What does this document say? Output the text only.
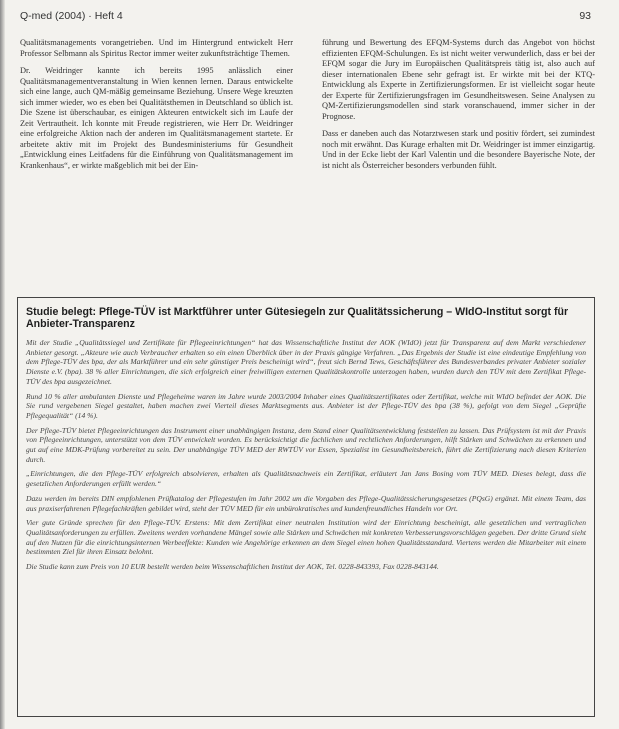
Q-med (2004) · Heft 4	93

Qualitätsmanagements vorangetrieben. Und im Hintergrund entwickelt Herr Professor Selbmann als Spiritus Rector immer weiter zukunftsträchtige Themen.

Dr. Weidringer kannte ich bereits 1995 anlässlich einer Qualitätsmanagementveranstaltung in Wien kennen lernen. Daraus entwickelte sich eine lange, auch QM-mäßig gemeinsame Beziehung. Unsere Wege kreuzten sich immer wieder, wo es eben bei Qualitätsthemen in Deutschland so üblich ist. Die Szene ist überschaubar, es einigen Akteuren entwickelt sich im Laufe der Zeit Vertrautheit. Ich konnte mit Freude registrieren, wie Herr Dr. Weidringer eine erfolgreiche Aktion nach der anderen im Qualitätsmanagement startete. Er arbeitete aktiv mit im Projekt des Bundesministeriums für Gesundheit „Entwicklung eines Leitfadens für die Einführung von Qualitätsmanagement im Krankenhaus“, er wirkte maßgeblich mit bei der Ein-

führung und Bewertung des EFQM-Systems durch das Angebot von höchst effizienten EFQM-Schulungen. Es ist nicht weiter verwunderlich, dass er bei der EFQM sogar die Jury im Europäischen Qualitätspreis tätig ist, also auch auf dieser internationalen Ebene sehr gefragt ist. Er wirkte mit bei der KTQ-Entwicklung als Experte in Zertifizierungsformen. Er ist vielleicht sogar heute der Experte für Zertifizierungsfragen im Gesundheitswesen. Seine Analysen zu QM-Zertifizierungsmodellen sind stark voranschauend, immer sicher in der Prognose.

Dass er daneben auch das Notarztwesen stark und positiv fördert, sei zumindest noch mit erwähnt. Das Kurage erhalten mit Dr. Weidringer ist immer einzigartig. Und in der Ecke liebt der Karl Valentin und die besondere Bayerische Note, der ist nicht als Österreicher besonders verbunden fühlt.

Studie belegt: Pflege-TÜV ist Marktführer unter Gütesiegeln zur Qualitätssicherung – WIdO-Institut sorgt für Anbieter-Transparenz

Mit der Studie „Qualitätssiegel und Zertifikate für Pflegeeinrichtungen“ hat das Wissenschaftliche Institut der AOK (WIdO) jetzt für Transparenz auf dem Markt verschiedener Anbieter gesorgt. „Akteure wie auch Verbraucher erhalten so ein einen Überblick über in der Praxis gängige Verfahren. „Das Ergebnis der Studie ist eine eindeutige Empfehlung von dem Pflege-TÜV des bpa, der als Marktführer und ein sehr günstiger Preis bescheinigt wird“, freut sich Bernd Tews, Geschäftsführer des Bundesverbandes privater Anbieter sozialer Dienste e.V. (bpa). 38 % aller Einrichtungen, die sich erfolgreich einer freiwilligen externen Qualitätskontrolle unterzogen haben, wurden durch den TÜV mit dem Zertifikat Pflege-TÜV des bpa ausgezeichnet.

Rund 10 % aller ambulanten Dienste und Pflegeheime waren im Jahre wurde 2003/2004 Inhaber eines Qualitätszertifikates oder Zertifikat, welche mit WIdO befindet der AOK. Die Sie rund vergebenen Siegel gestaltet, haben machen zwei Vierteil dieses Marktsegments aus. Anbieter ist der Pflege-TÜV des bpa (38 %), gefolgt von dem Siegel „Geprüfte Pflegequalität“ (14 %).

Der Pflege-TÜV bietet Pflegeeinrichtungen das Instrument einer unabhängigen Instanz, dem Stand einer Qualitätsentwicklung feststellen zu lassen. Das Prüfsystem ist mit der Praxis von Pflegeeinrichtungen, unterstützt von dem TÜV entwickelt worden. Es berücksichtigt die fachlichen und rechtlichen Anforderungen, hilft Stärken und Schwächen zu erkennen und gut auf eine MDK-Prüfung vorbereitet zu sein. Der unabhängige TÜV MED der RWTÜV vor Essen, Spezialist im Gesundheitsbereich, führt die Zertifizierung nach diesen Kriterien durch.

„Einrichtungen, die den Pflege-TÜV erfolgreich absolvieren, erhalten als Qualitätsnachweis ein Zertifikat, erläutert Jan Jans Bosing vom TÜV MED. Dieses belegt, dass die gesetzlichen Anforderungen erfüllt werden.“

Dazu werden im bereits DIN empfohlenen Prüfkatalog der Pflegestufen im Jahr 2002 um die Vorgaben des Pflege-Qualitätssicherungsgesetzes (PQsG) ergänzt. Mit einem Team, das aus praxiserfahrenen Pflegefachkräften gebildet wird, steht der TÜV MED für ein unbürokratisches und kundenfreundliches Handeln vor Ort.

Vier gute Gründe sprechen für den Pflege-TÜV. Erstens: Mit dem Zertifikat einer neutralen Institution wird der Einrichtung bescheinigt, alle gesetzlichen und vertraglichen Qualitätsanforderungen zu erfüllen. Zweitens werden vorhandene Mängel sowie alle Stärken und Schwächen mit konkreten Verbesserungsvorschlägen gegeben. Der dritte Grund sieht auf den Nutzen für die einrichtungsinternen Werbeeffekte: Kunden wie Angehörige erkennen an dem Siegel einen hohen Qualitätsstandard. Viertens werden die Mitarbeiter mit einem bestimmten Ziel für ihren Einsatz belohnt.

Die Studie kann zum Preis von 10 EUR bestellt werden beim Wissenschaftlichen Institut der AOK, Tel. 0228-843393, Fax 0228-843144.
